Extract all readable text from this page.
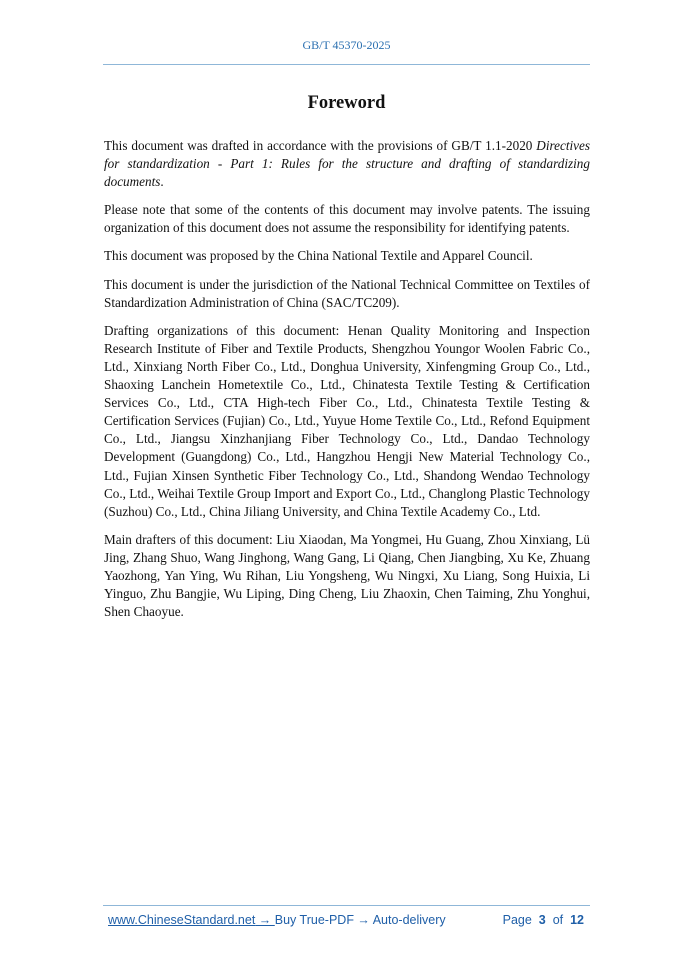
GB/T 45370-2025
Foreword

This document was drafted in accordance with the provisions of GB/T 1.1-2020 Directives for standardization - Part 1: Rules for the structure and drafting of standardizing documents.

Please note that some of the contents of this document may involve patents. The issuing organization of this document does not assume the responsibility for identifying patents.

This document was proposed by the China National Textile and Apparel Council.

This document is under the jurisdiction of the National Technical Committee on Textiles of Standardization Administration of China (SAC/TC209).

Drafting organizations of this document: Henan Quality Monitoring and Inspection Research Institute of Fiber and Textile Products, Shengzhou Youngor Woolen Fabric Co., Ltd., Xinxiang North Fiber Co., Ltd., Donghua University, Xinfengming Group Co., Ltd., Shaoxing Lanchein Hometextile Co., Ltd., Chinatesta Textile Testing & Certification Services Co., Ltd., CTA High-tech Fiber Co., Ltd., Chinatesta Textile Testing & Certification Services (Fujian) Co., Ltd., Yuyue Home Textile Co., Ltd., Refond Equipment Co., Ltd., Jiangsu Xinzhanjiang Fiber Technology Co., Ltd., Dandao Technology Development (Guangdong) Co., Ltd., Hangzhou Hengji New Material Technology Co., Ltd., Fujian Xinsen Synthetic Fiber Technology Co., Ltd., Shandong Wendao Technology Co., Ltd., Weihai Textile Group Import and Export Co., Ltd., Changlong Plastic Technology (Suzhou) Co., Ltd., China Jiliang University, and China Textile Academy Co., Ltd.

Main drafters of this document: Liu Xiaodan, Ma Yongmei, Hu Guang, Zhou Xinxiang, Lü Jing, Zhang Shuo, Wang Jinghong, Wang Gang, Li Qiang, Chen Jiangbing, Xu Ke, Zhuang Yaozhong, Yan Ying, Wu Rihan, Liu Yongsheng, Wu Ningxi, Xu Liang, Song Huixia, Li Yinguo, Zhu Bangjie, Wu Liping, Ding Cheng, Liu Zhaoxin, Chen Taiming, Zhu Yonghui, Shen Chaoyue.

www.ChineseStandard.net → Buy True-PDF → Auto-delivery	Page 3 of 12
